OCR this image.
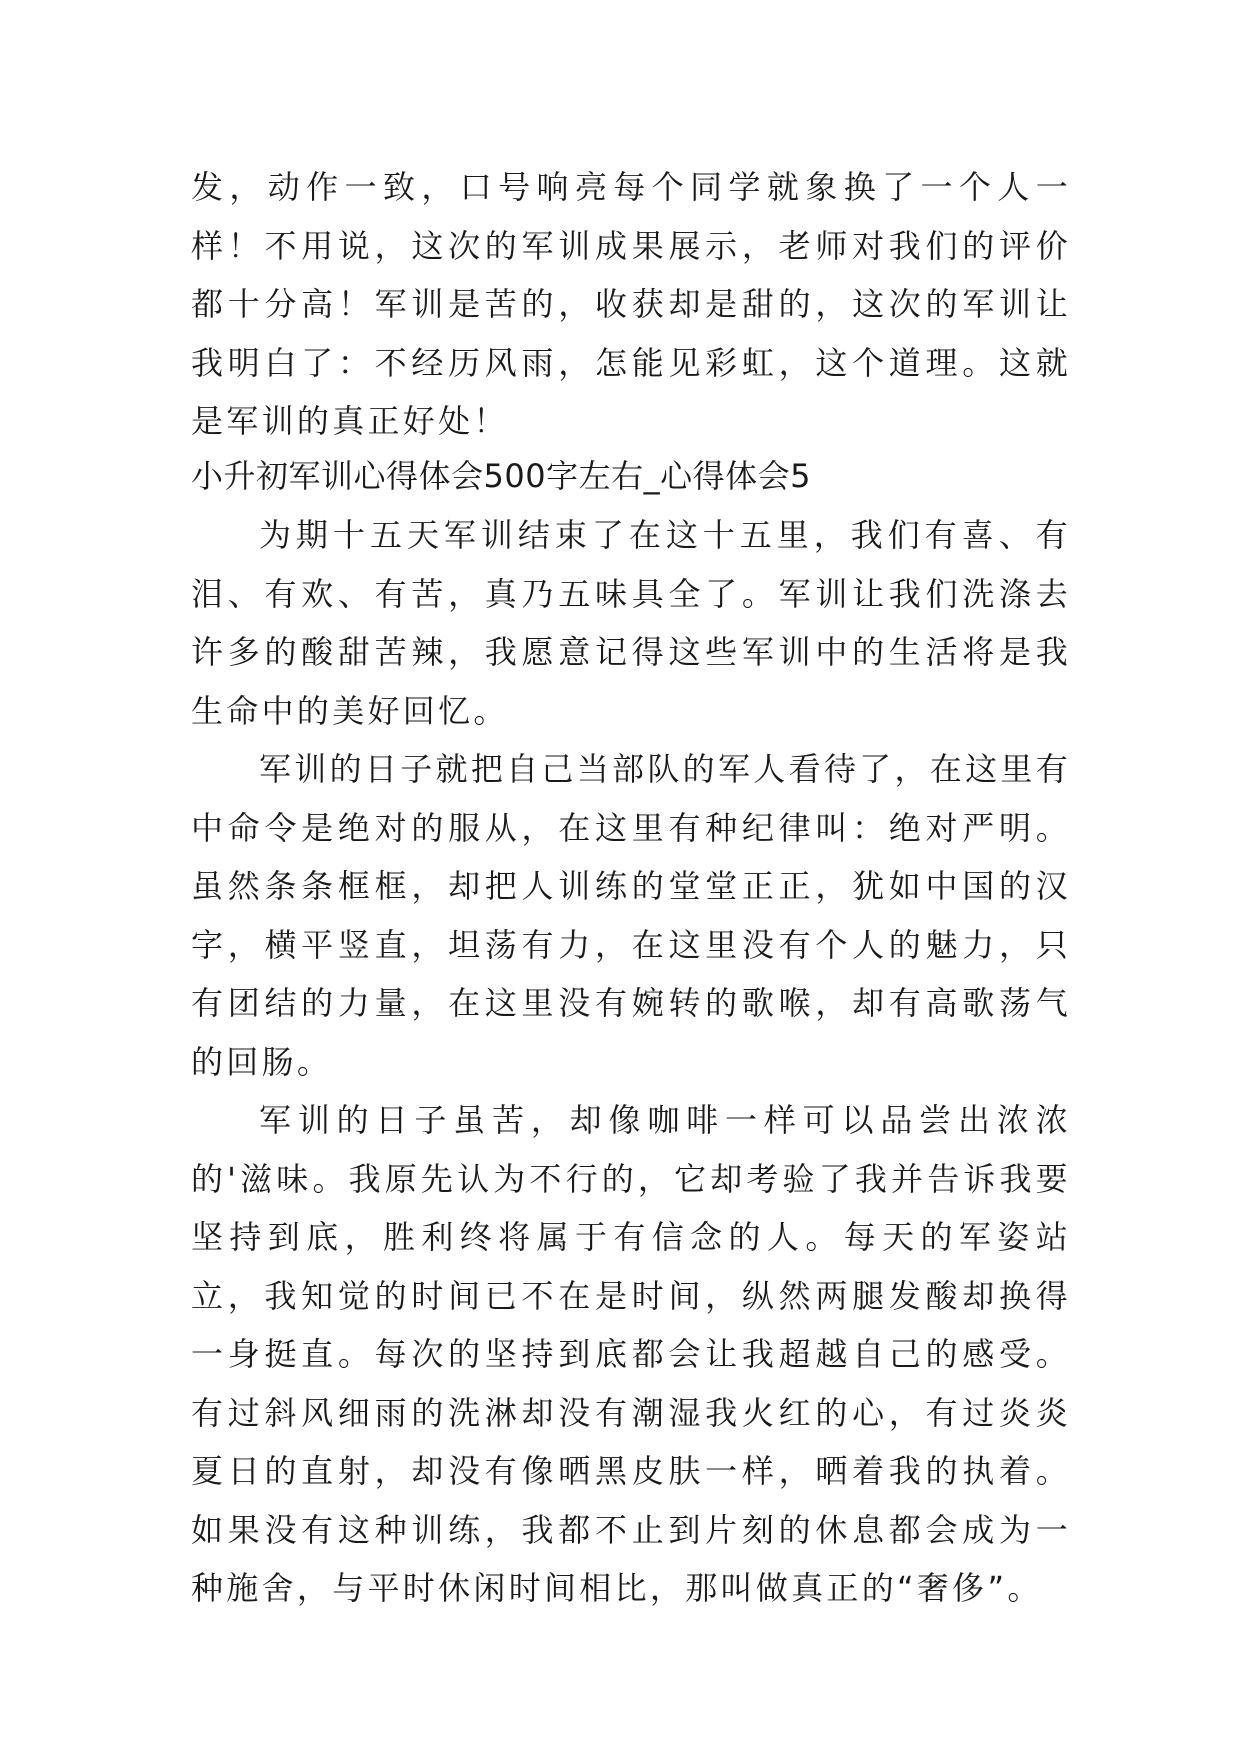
发，动作一致，口号响亮每个同学就象换了一个人一样！不用说，这次的军训成果展示，老师对我们的评价都十分高！军训是苦的，收获却是甜的，这次的军训让我明白了：不经历风雨，怎能见彩虹，这个道理。这就是军训的真正好处！

小升初军训心得体会500字左右_心得体会5

为期十五天军训结束了在这十五里，我们有喜、有泪、有欢、有苦，真乃五味具全了。军训让我们洗涤去许多的酸甜苦辣，我愿意记得这些军训中的生活将是我生命中的美好回忆。

军训的日子就把自己当部队的军人看待了，在这里有中命令是绝对的服从，在这里有种纪律叫：绝对严明。虽然条条框框，却把人训练的堂堂正正，犹如中国的汉字，横平竖直，坦荡有力，在这里没有个人的魅力，只有团结的力量，在这里没有婉转的歌喉，却有高歌荡气的回肠。

军训的日子虽苦，却像咖啡一样可以品尝出浓浓的'滋味。我原先认为不行的，它却考验了我并告诉我要坚持到底，胜利终将属于有信念的人。每天的军姿站立，我知觉的时间已不在是时间，纵然两腿发酸却换得一身挺直。每次的坚持到底都会让我超越自己的感受。有过斜风细雨的洗淋却没有潮湿我火红的心，有过炎炎夏日的直射，却没有像晒黑皮肤一样，晒着我的执着。如果没有这种训练，我都不止到片刻的休息都会成为一种施舍，与平时休闲时间相比，那叫做真正的“奢侈”。
